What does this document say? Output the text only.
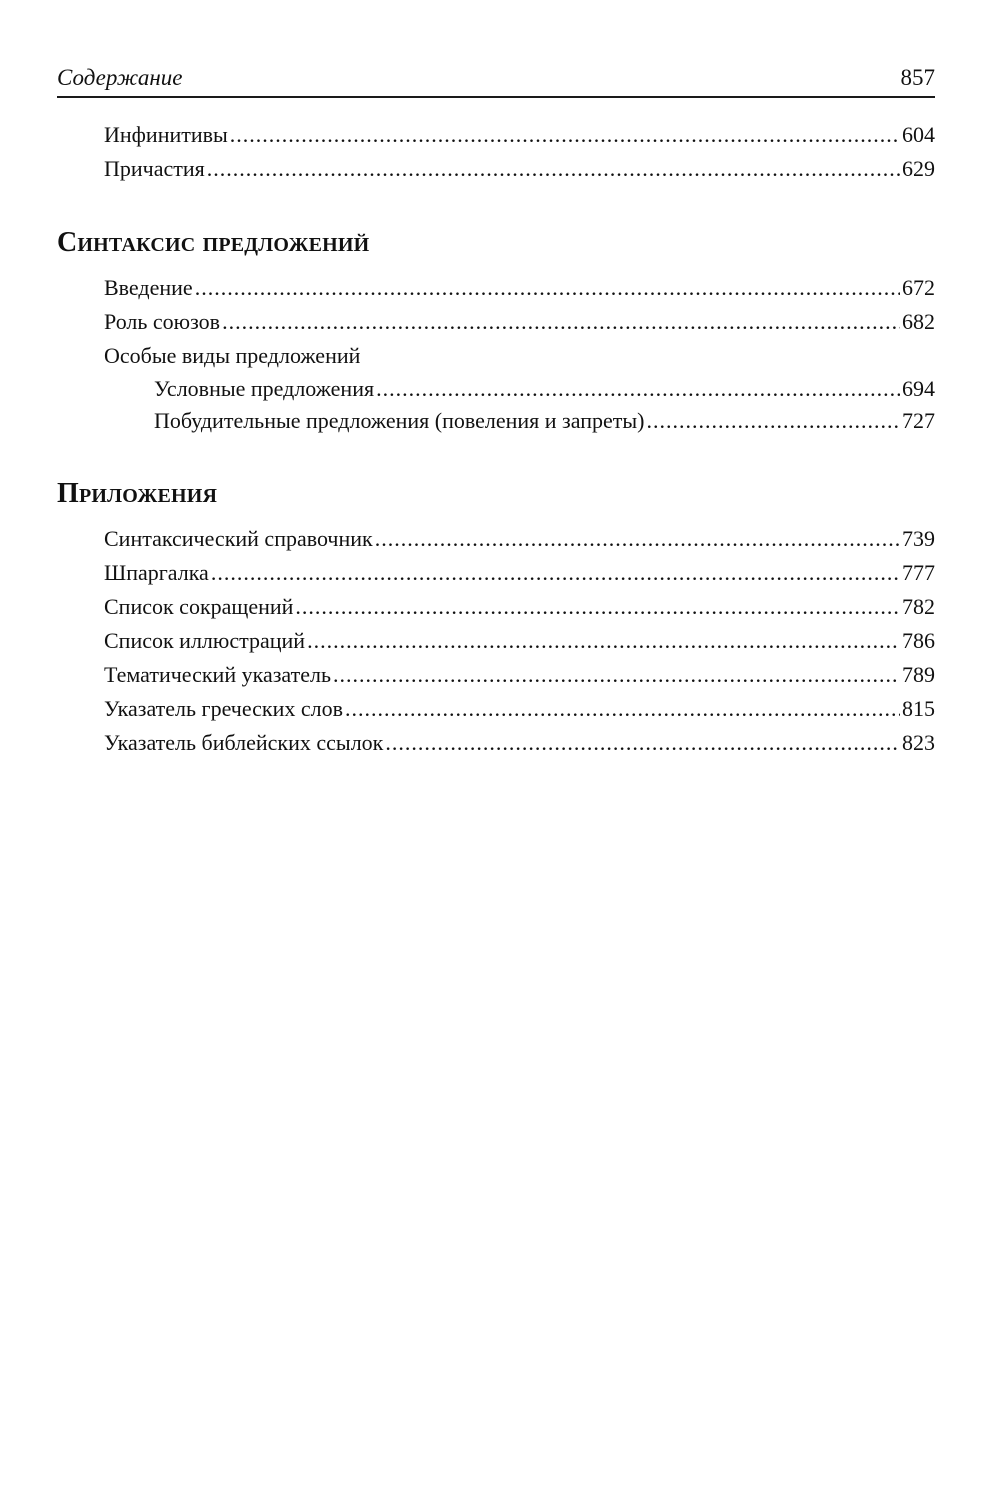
Содержание	857
Инфинитивы .....	604
Причастия .....	629
Синтаксис предложений
Введение .....	672
Роль союзов .....	682
Особые виды предложений
Условные предложения .....	694
Побудительные предложения (повеления и запреты) .....	727
Приложения
Синтаксический справочник .....	739
Шпаргалка .....	777
Список сокращений .....	782
Список иллюстраций .....	786
Тематический указатель .....	789
Указатель греческих слов .....	815
Указатель библейских ссылок .....	823
